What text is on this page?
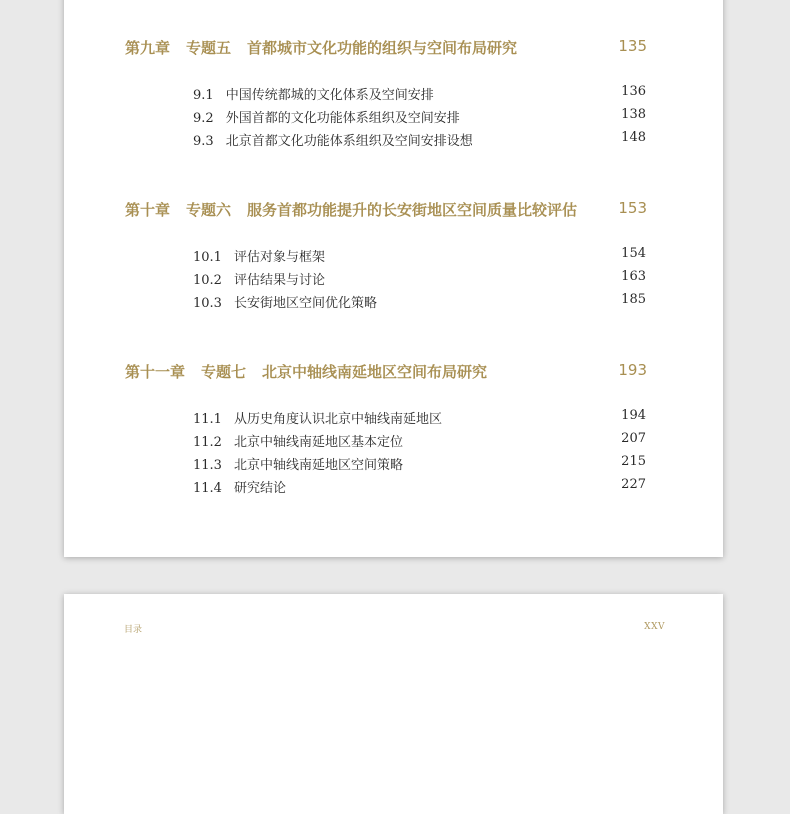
第九章 专题五 首都城市文化功能的组织与空间布局研究	135
9.1 中国传统都城的文化体系及空间安排	136
9.2 外国首都的文化功能体系组织及空间安排	138
9.3 北京首都文化功能体系组织及空间安排设想	148
第十章 专题六 服务首都功能提升的长安街地区空间质量比较评估	153
10.1 评估对象与框架	154
10.2 评估结果与讨论	163
10.3 长安街地区空间优化策略	185
第十一章 专题七 北京中轴线南延地区空间布局研究	193
11.1 从历史角度认识北京中轴线南延地区	194
11.2 北京中轴线南延地区基本定位	207
11.3 北京中轴线南延地区空间策略	215
11.4 研究结论	227
目录	XXV
